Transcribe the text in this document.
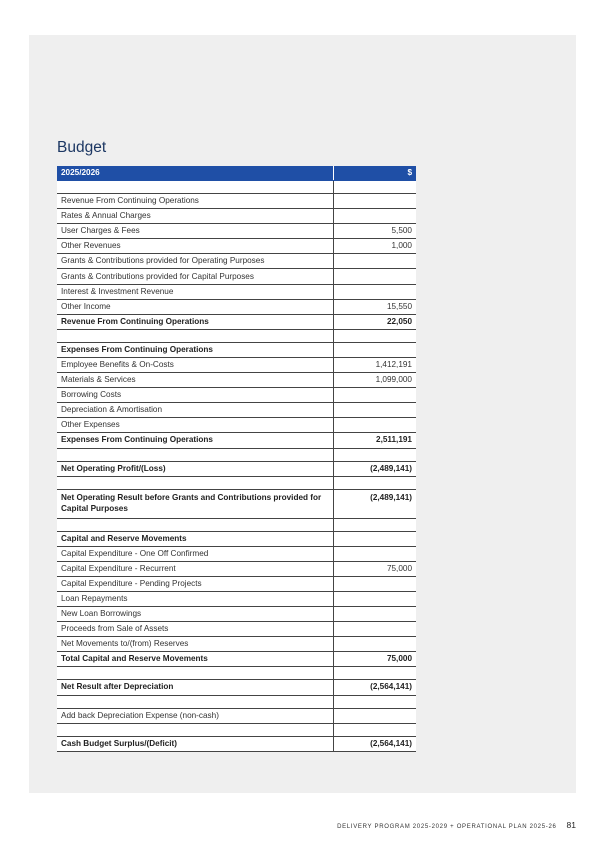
Budget
2025/2026	$

Revenue From Continuing Operations	
Rates & Annual Charges	
User Charges & Fees	5,500
Other Revenues	1,000
Grants & Contributions provided for Operating Purposes	
Grants & Contributions provided for Capital Purposes	
Interest & Investment Revenue	
Other Income	15,550
Revenue From Continuing Operations	22,050

Expenses From Continuing Operations	
Employee Benefits & On-Costs	1,412,191
Materials & Services	1,099,000
Borrowing Costs	
Depreciation & Amortisation	
Other Expenses	
Expenses From Continuing Operations	2,511,191

Net Operating Profit/(Loss)	(2,489,141)

Net Operating Result before Grants and Contributions provided for Capital Purposes	(2,489,141)

Capital and Reserve Movements	
Capital Expenditure - One Off Confirmed	
Capital Expenditure - Recurrent	75,000
Capital Expenditure - Pending Projects	
Loan Repayments	
New Loan Borrowings	
Proceeds from Sale of Assets	
Net Movements to/(from) Reserves	
Total Capital and Reserve Movements	75,000

Net Result after Depreciation	(2,564,141)

Add back Depreciation Expense (non-cash)	

Cash Budget Surplus/(Deficit)	(2,564,141)
DELIVERY PROGRAM 2025-2029 + OPERATIONAL PLAN 2025-26 81
